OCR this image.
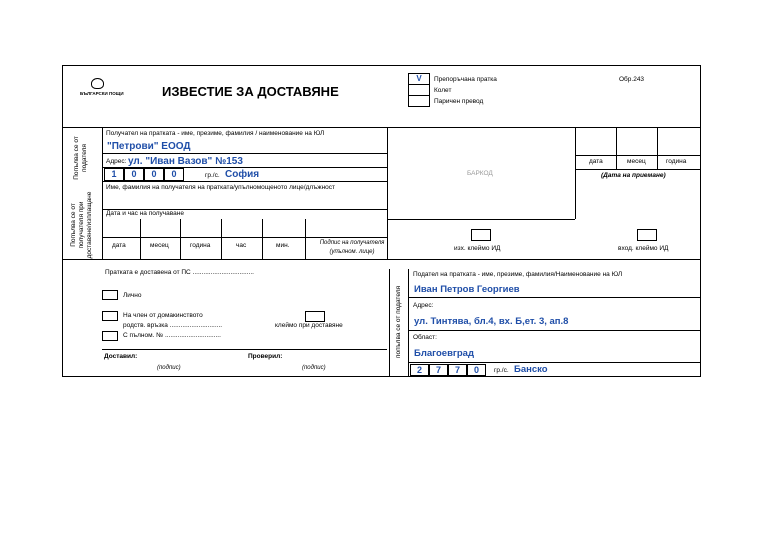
БЪЛГАРСКИ ПОЩИ	ИЗВЕСТИЕ ЗА ДОСТАВЯНЕ
V	Препоръчана пратка
Колет
Паричен превод
Обр.243
Попълва се от подателя
Получател на пратката - име, презиме, фамилия / наименование на ЮЛ
"Петрови" ЕООД
Адрес: ул. "Иван Вазов" №153
1	0	0	0	гр./с. София	БАРКОД
дата	месец	година
(Дата на приемане)
Попълва се от получателя при доставяне/изплащане
Име, фамилия на получателя на пратката/упълномощеното лице/длъжност
Дата и час на получаване
дата	месец	година	час	мин.	Подпис на получателя (упълном. лице)	изх. клеймо ИД	вход. клеймо ИД
Пратката е доставена от ПС ..................................
Лично
На член от домакинството
родств. връзка .............................
С пълном. № ...............................
клеймо при доставяне
Доставил:	Проверил:
(подпис)	(подпис)
попълва се от подателя
Подател на пратката - име, презиме, фамилия/Наименование на ЮЛ
Иван Петров Георгиев
Адрес:
ул. Тинтява, бл.4, вх. Б,ет. 3, ап.8
Област:
Благоевград
2	7	7	0	гр./с. Банско
